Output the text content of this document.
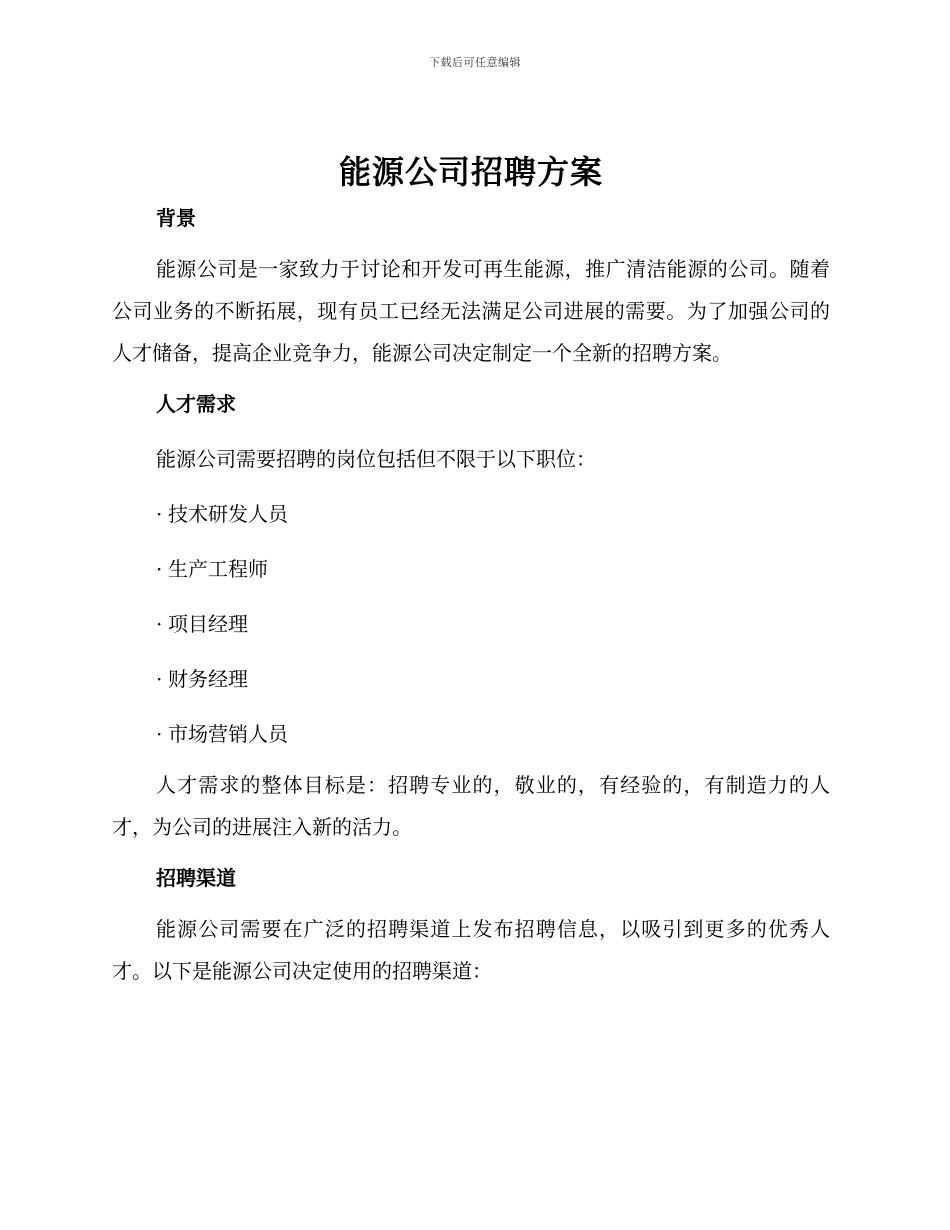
下载后可任意编辑
能源公司招聘方案
背景

能源公司是一家致力于讨论和开发可再生能源，推广清洁能源的公司。随着公司业务的不断拓展，现有员工已经无法满足公司进展的需要。为了加强公司的人才储备，提高企业竞争力，能源公司决定制定一个全新的招聘方案。

人才需求

能源公司需要招聘的岗位包括但不限于以下职位：

· 技术研发人员

· 生产工程师

· 项目经理

· 财务经理

· 市场营销人员

人才需求的整体目标是：招聘专业的，敬业的，有经验的，有制造力的人才，为公司的进展注入新的活力。

招聘渠道

能源公司需要在广泛的招聘渠道上发布招聘信息，以吸引到更多的优秀人才。以下是能源公司决定使用的招聘渠道：
